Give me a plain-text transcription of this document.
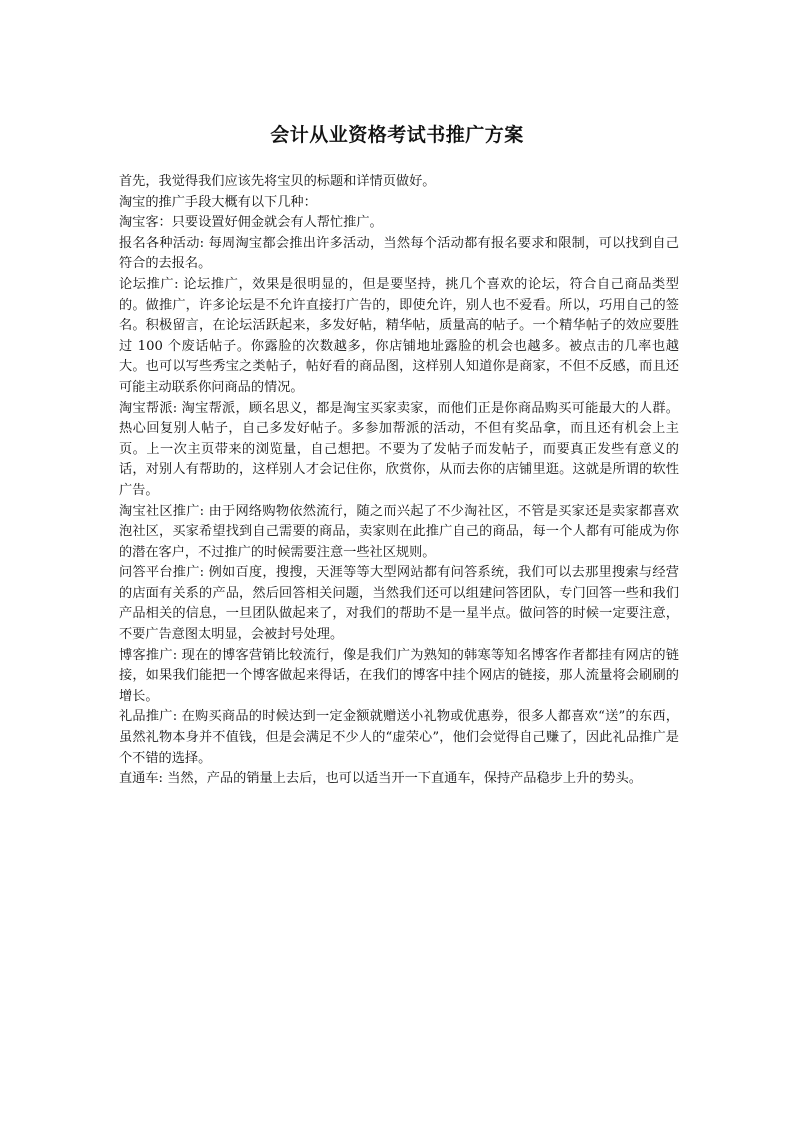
会计从业资格考试书推广方案

首先，我觉得我们应该先将宝贝的标题和详情页做好。

淘宝的推广手段大概有以下几种：

淘宝客：只要设置好佣金就会有人帮忙推广。

报名各种活动: 每周淘宝都会推出许多活动，当然每个活动都有报名要求和限制，可以找到自己符合的去报名。

论坛推广: 论坛推广，效果是很明显的，但是要坚持，挑几个喜欢的论坛，符合自己商品类型的。做推广，许多论坛是不允许直接打广告的，即使允许，别人也不爱看。所以，巧用自己的签名。积极留言，在论坛活跃起来，多发好帖，精华帖，质量高的帖子。一个精华帖子的效应要胜过 100 个废话帖子。你露脸的次数越多，你店铺地址露脸的机会也越多。被点击的几率也越大。也可以写些秀宝之类帖子，帖好看的商品图，这样别人知道你是商家，不但不反感，而且还可能主动联系你问商品的情况。

淘宝帮派: 淘宝帮派，顾名思义，都是淘宝买家卖家，而他们正是你商品购买可能最大的人群。热心回复别人帖子，自己多发好帖子。多参加帮派的活动，不但有奖品拿，而且还有机会上主页。上一次主页带来的浏览量，自己想把。不要为了发帖子而发帖子，而要真正发些有意义的话，对别人有帮助的，这样别人才会记住你，欣赏你，从而去你的店铺里逛。这就是所谓的软性广告。

淘宝社区推广: 由于网络购物依然流行，随之而兴起了不少淘社区，不管是买家还是卖家都喜欢泡社区，买家希望找到自己需要的商品，卖家则在此推广自己的商品，每一个人都有可能成为你的潜在客户，不过推广的时候需要注意一些社区规则。

问答平台推广: 例如百度，搜搜，天涯等等大型网站都有问答系统，我们可以去那里搜索与经营的店面有关系的产品，然后回答相关问题，当然我们还可以组建问答团队，专门回答一些和我们产品相关的信息，一旦团队做起来了，对我们的帮助不是一星半点。做问答的时候一定要注意，不要广告意图太明显，会被封号处理。

博客推广: 现在的博客营销比较流行，像是我们广为熟知的韩寒等知名博客作者都挂有网店的链接，如果我们能把一个博客做起来得话，在我们的博客中挂个网店的链接，那人流量将会刷刷的增长。

礼品推广: 在购买商品的时候达到一定金额就赠送小礼物或优惠券，很多人都喜欢“送”的东西，虽然礼物本身并不值钱，但是会满足不少人的“虚荣心”，他们会觉得自己赚了，因此礼品推广是个不错的选择。

直通车: 当然，产品的销量上去后，也可以适当开一下直通车，保持产品稳步上升的势头。
